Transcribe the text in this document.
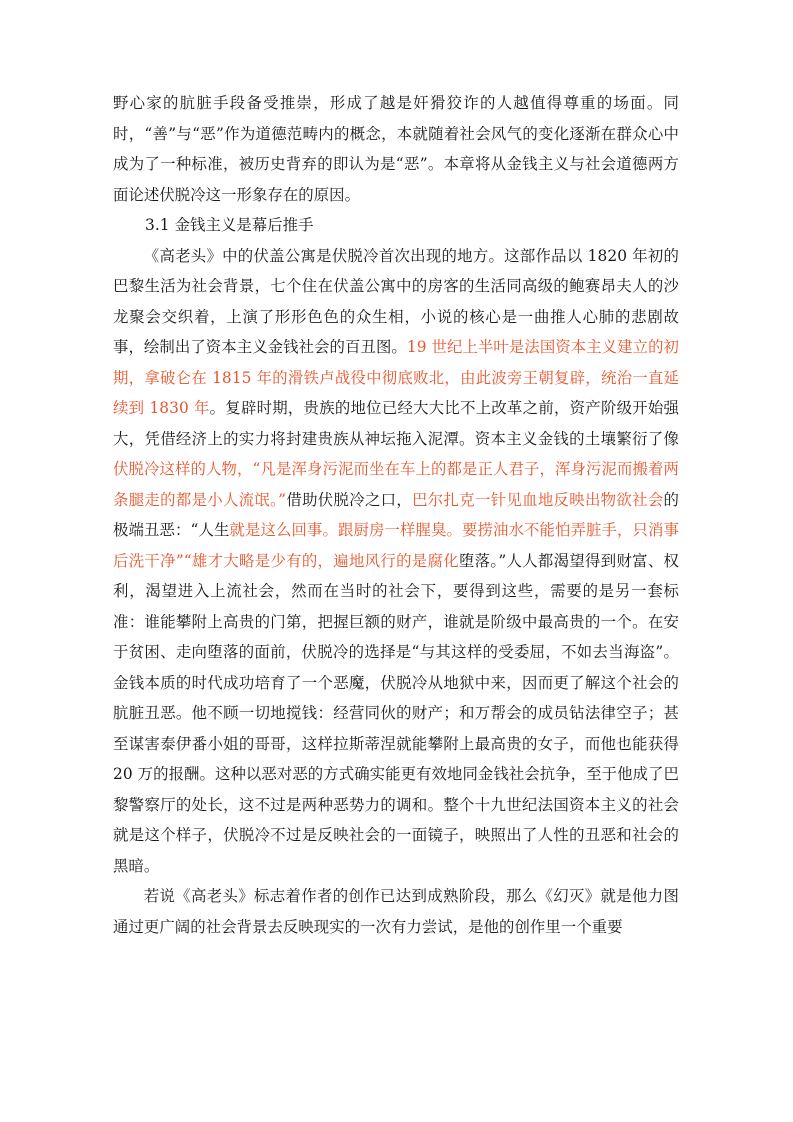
野心家的肮脏手段备受推崇，形成了越是奸猾狡诈的人越值得尊重的场面。同时，“善”与“恶”作为道德范畴内的概念，本就随着社会风气的变化逐渐在群众心中成为了一种标准，被历史背弃的即认为是“恶”。本章将从金钱主义与社会道德两方面论述伏脱冷这一形象存在的原因。

3.1 金钱主义是幕后推手

《高老头》中的伏盖公寓是伏脱冷首次出现的地方。这部作品以 1820 年初的巴黎生活为社会背景，七个住在伏盖公寓中的房客的生活同高级的鲍赛昂夫人的沙龙聚会交织着，上演了形形色色的众生相，小说的核心是一曲推人心肺的悲剧故事，绘制出了资本主义金钱社会的百丑图。19 世纪上半叶是法国资本主义建立的初期，拿破仑在 1815 年的滑铁卢战役中彻底败北，由此波旁王朝复辟，统治一直延续到 1830 年。复辟时期，贵族的地位已经大大比不上改革之前，资产阶级开始强大，凭借经济上的实力将封建贵族从神坛拖入泥潭。资本主义金钱的土壤繁衍了像伏脱冷这样的人物，“凡是浑身污泥而坐在车上的都是正人君子，浑身污泥而搬着两条腿走的都是小人流氓。”借助伏脱冷之口，巴尔扎克一针见血地反映出物欲社会的极端丑恶：“人生就是这么回事。跟厨房一样腥臭。要捞油水不能怕弄脏手，只消事后洗干净”“雄才大略是少有的，遍地风行的是腐化堕落。”人人都渴望得到财富、权利，渴望进入上流社会，然而在当时的社会下，要得到这些，需要的是另一套标准：谁能攀附上高贵的门第，把握巨额的财产，谁就是阶级中最高贵的一个。在安于贫困、走向堕落的面前，伏脱冷的选择是“与其这样的受委屈，不如去当海盗”。金钱本质的时代成功培育了一个恶魔，伏脱冷从地狱中来，因而更了解这个社会的肮脏丑恶。他不顾一切地搅钱：经营同伙的财产；和万帮会的成员钻法律空子；甚至谋害泰伊番小姐的哥哥，这样拉斯蒂涅就能攀附上最高贵的女子，而他也能获得 20 万的报酬。这种以恶对恶的方式确实能更有效地同金钱社会抗争，至于他成了巴黎警察厅的处长，这不过是两种恶势力的调和。整个十九世纪法国资本主义的社会就是这个样子，伏脱冷不过是反映社会的一面镜子，映照出了人性的丑恶和社会的黑暗。

若说《高老头》标志着作者的创作已达到成熟阶段，那么《幻灭》就是他力图通过更广阔的社会背景去反映现实的一次有力尝试，是他的创作里一个重要
